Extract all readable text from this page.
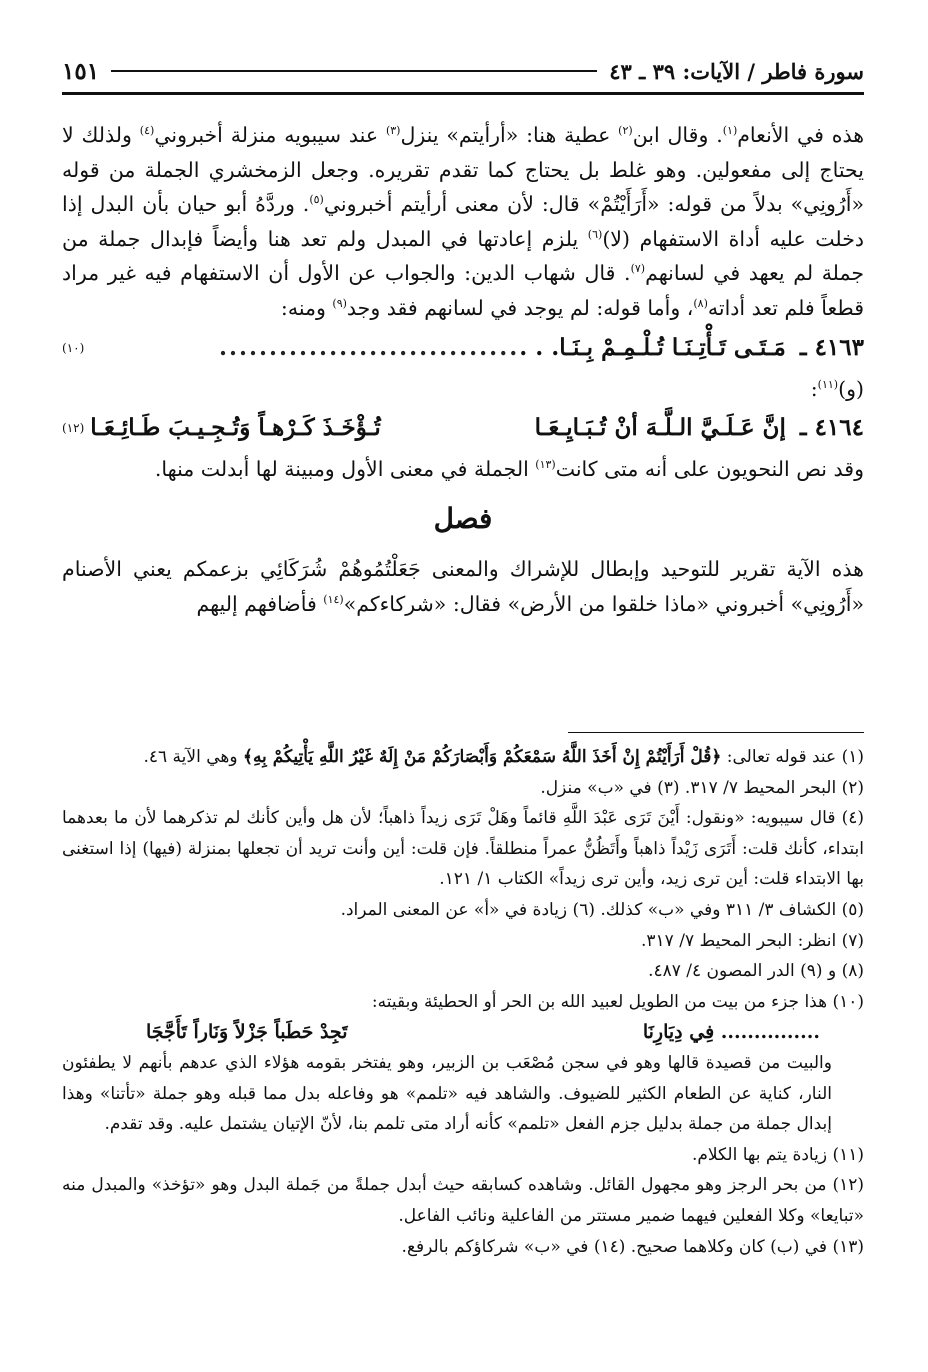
سورة فاطر / الآيات: ٣٩ ـ ٤٣
١٥١

هذه في الأنعام$^{(١)}$. وقال ابن$^{(٢)}$ عطية هنا: «أرأيتم» ينزل$^{(٣)}$ عند سيبويه منزلة أخبروني$^{(٤)}$ ولذلك لا يحتاج إلى مفعولين. وهو غلط بل يحتاج كما تقدم تقريره. وجعل الزمخشري الجملة من قوله «أَرُونِي» بدلاً من قوله: «أَرَأَيْتُمْ» قال: لأن معنى أرأيتم أخبروني$^{(٥)}$. وردَّهُ أبو حيان بأن البدل إذا دخلت عليه أداة الاستفهام (لا)$^{(٦)}$ يلزم إعادتها في المبدل ولم تعد هنا وأيضاً فإبدال جملة من جملة لم يعهد في لسانهم$^{(٧)}$. قال شهاب الدين: والجواب عن الأول أن الاستفهام فيه غير مراد قطعاً فلم تعد أداته$^{(٨)}$، وأما قوله: لم يوجد في لسانهم فقد وجد$^{(٩)}$ ومنه:

٤١٦٣ ـ
مَـتَـى تَـأْتِـنَـا تُـلْـمِـمْ بِـنَـا. . .
..............................
(١٠)

(و)$^{(١١)}$:

٤١٦٤ ـ
إنَّ عَـلَـيَّ الـلَّـهَ أنْ تُـبَـايِـعَـا
تُـؤْخَـذَ كَـرْهـاً وَتُـجِـيـبَ طَـائِـعَـا
(١٢)

وقد نص النحويون على أنه متى كانت$^{(١٣)}$ الجملة في معنى الأول ومبينة لها أبدلت منها.

فصل

هذه الآية تقرير للتوحيد وإبطال للإشراك والمعنى جَعَلْتُمُوهُمْ شُرَكَائِي بزعمكم يعني الأصنام «أَرُونِي» أخبروني «ماذا خلقوا من الأرض» فقال: «شركاءكم»$^{(١٤)}$ فأضافهم إليهم

(١) عند قوله تعالى: ﴿قُلْ أَرَأَيْتُمْ إِنْ أَخَذَ اللَّهُ سَمْعَكُمْ وَأَبْصَارَكُمْ مَنْ إِلَهٌ غَيْرُ اللَّهِ يَأْتِيكُمْ بِهِ﴾ وهي الآية ٤٦.

(٢) البحر المحيط ٧/ ٣١٧. (٣) في «ب» منزل.

(٤) قال سيبويه: «ونقول: أَيْنَ تَرَى عَبْدَ اللَّهِ قائماً وهَلْ تَرَى زيداً ذاهباً؛ لأن هل وأين كأنك لم تذكرهما لأن ما بعدهما ابتداء، كأنك قلت: أَتَرَى زَيْداً ذاهباً وأَتَظُنُّ عمراً منطلقاً. فإن قلت: أين وأنت تريد أن تجعلها بمنزلة (فيها) إذا استغنى بها الابتداء قلت: أين ترى زيد، وأين ترى زيداً» الكتاب ١/ ١٢١.

(٥) الكشاف ٣/ ٣١١ وفي «ب» كذلك. (٦) زيادة في «أ» عن المعنى المراد.

(٧) انظر: البحر المحيط ٧/ ٣١٧.

(٨) و (٩) الدر المصون ٤/ ٤٨٧.

(١٠) هذا جزء من بيت من الطويل لعبيد الله بن الحر أو الحطيئة وبقيته:

............... فِي دِيَارِنَا
تَجِدْ حَطَباً جَزْلاً وَنَاراً تَأَجَّجَا

والبيت من قصيدة قالها وهو في سجن مُصْعَب بن الزبير، وهو يفتخر بقومه هؤلاء الذي عدهم بأنهم لا يطفئون النار، كناية عن الطعام الكثير للضيوف. والشاهد فيه «تلمم» هو وفاعله بدل مما قبله وهو جملة «تأتنا» وهذا إبدال جملة من جملة بدليل جزم الفعل «تلمم» كأنه أراد متى تلمم بنا، لأنّ الإتيان يشتمل عليه. وقد تقدم.

(١١) زيادة يتم بها الكلام.

(١٢) من بحر الرجز وهو مجهول القائل. وشاهده كسابقه حيث أبدل جملةً من جَملة البدل وهو «تؤخذ» والمبدل منه «تبايعا» وكلا الفعلين فيهما ضمير مستتر من الفاعلية ونائب الفاعل.

(١٣) في (ب) كان وكلاهما صحيح. (١٤) في «ب» شركاؤكم بالرفع.
